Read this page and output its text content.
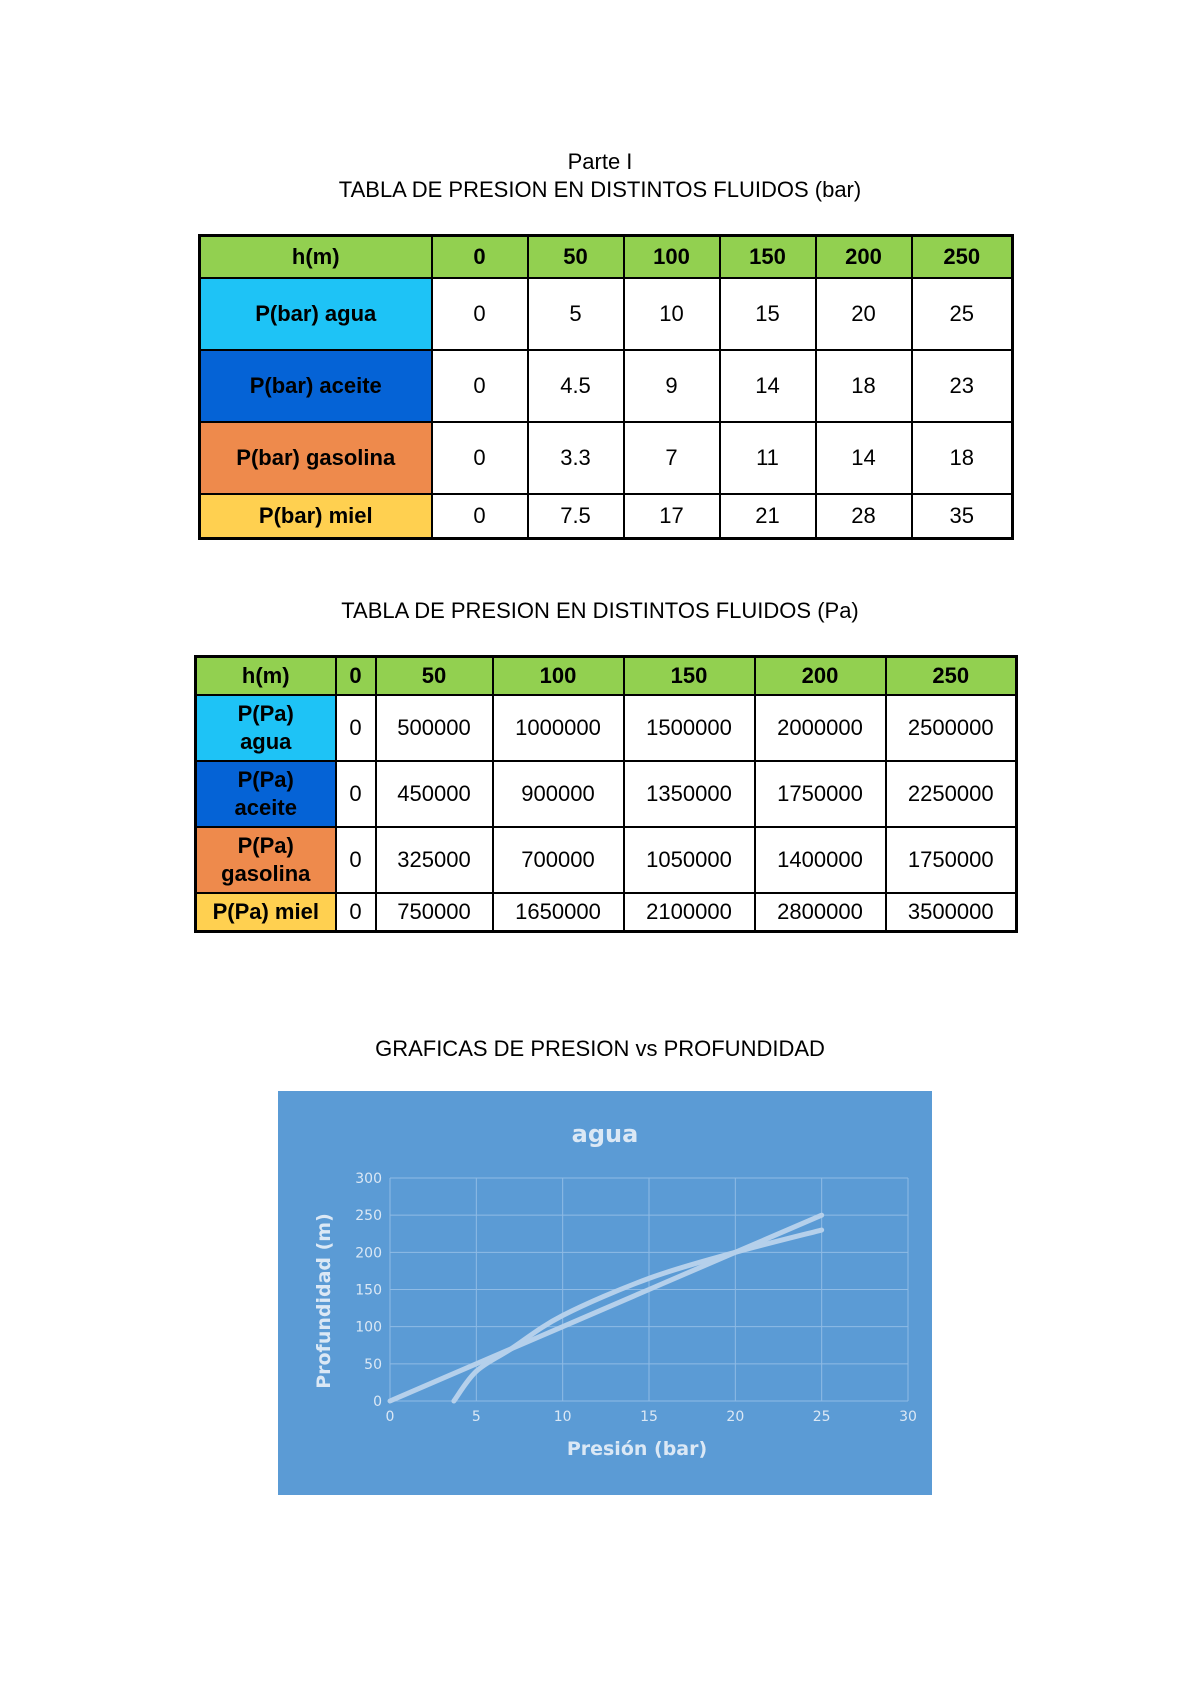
Parte I
TABLA DE PRESION EN DISTINTOS FLUIDOS (bar)
h(m)	0	50	100	150	200	250
P(bar) agua	0	5	10	15	20	25
P(bar) aceite	0	4.5	9	14	18	23
P(bar) gasolina	0	3.3	7	11	14	18
P(bar) miel	0	7.5	17	21	28	35
TABLA DE PRESION EN DISTINTOS FLUIDOS (Pa)
h(m)	0	50	100	150	200	250

P(Pa)
agua	0	500000	1000000	1500000	2000000	2500000

P(Pa)
aceite	0	450000	900000	1350000	1750000	2250000

P(Pa)
gasolina	0	325000	700000	1050000	1400000	1750000
P(Pa) miel	0	750000	1650000	2100000	2800000	3500000
GRAFICAS DE PRESION vs PROFUNDIDAD
0	5	10	15	20	25	30
0
50
100
150
200
250
300
agua
Presión (bar)
Profundidad (m)
